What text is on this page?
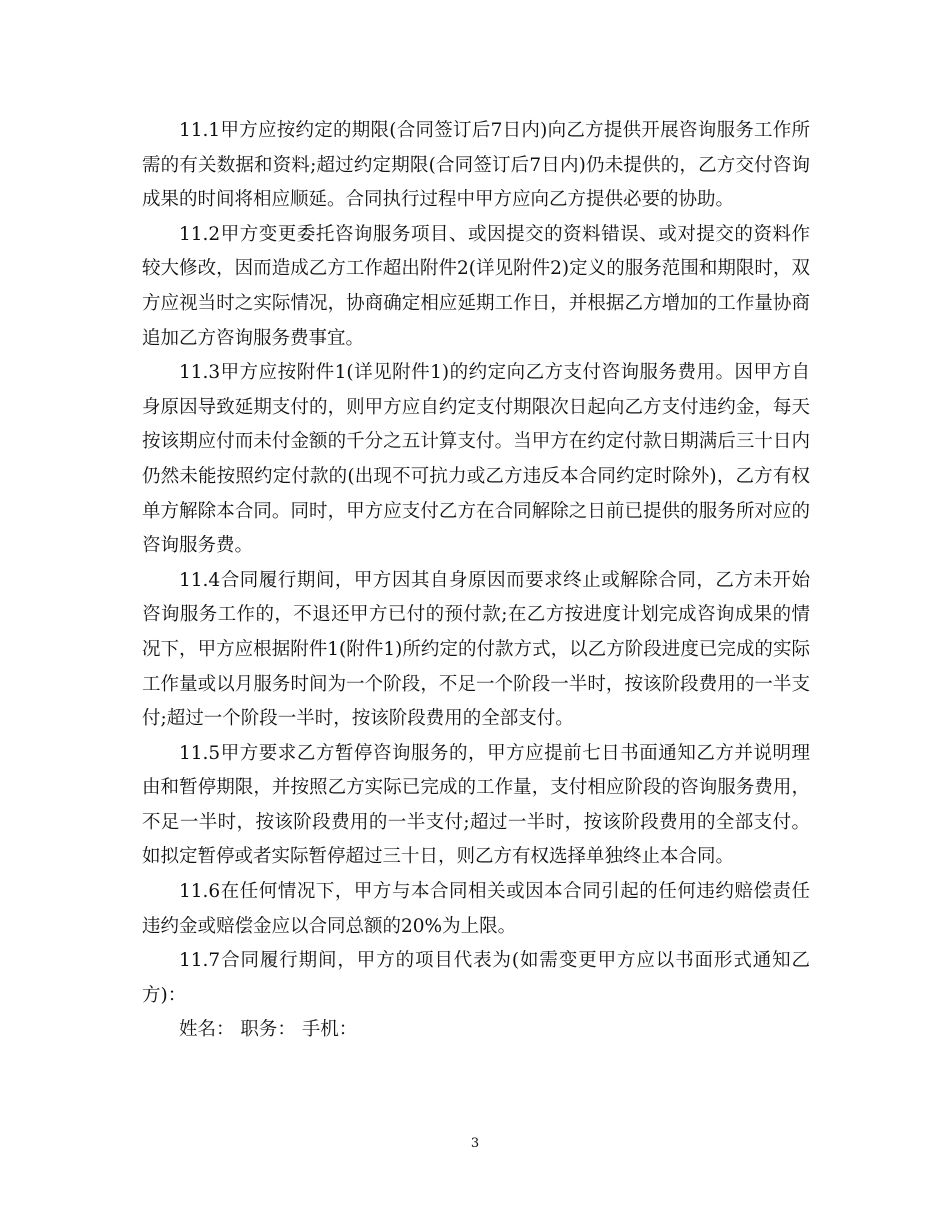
11.1甲方应按约定的期限(合同签订后7日内)向乙方提供开展咨询服务工作所需的有关数据和资料;超过约定期限(合同签订后7日内)仍未提供的，乙方交付咨询成果的时间将相应顺延。合同执行过程中甲方应向乙方提供必要的协助。

11.2甲方变更委托咨询服务项目、或因提交的资料错误、或对提交的资料作较大修改，因而造成乙方工作超出附件2(详见附件2)定义的服务范围和期限时，双方应视当时之实际情况，协商确定相应延期工作日，并根据乙方增加的工作量协商追加乙方咨询服务费事宜。

11.3甲方应按附件1(详见附件1)的约定向乙方支付咨询服务费用。因甲方自身原因导致延期支付的，则甲方应自约定支付期限次日起向乙方支付违约金，每天按该期应付而未付金额的千分之五计算支付。当甲方在约定付款日期满后三十日内仍然未能按照约定付款的(出现不可抗力或乙方违反本合同约定时除外)，乙方有权单方解除本合同。同时，甲方应支付乙方在合同解除之日前已提供的服务所对应的咨询服务费。

11.4合同履行期间，甲方因其自身原因而要求终止或解除合同，乙方未开始咨询服务工作的，不退还甲方已付的预付款;在乙方按进度计划完成咨询成果的情况下，甲方应根据附件1(附件1)所约定的付款方式，以乙方阶段进度已完成的实际工作量或以月服务时间为一个阶段，不足一个阶段一半时，按该阶段费用的一半支付;超过一个阶段一半时，按该阶段费用的全部支付。

11.5甲方要求乙方暂停咨询服务的，甲方应提前七日书面通知乙方并说明理由和暂停期限，并按照乙方实际已完成的工作量，支付相应阶段的咨询服务费用，不足一半时，按该阶段费用的一半支付;超过一半时，按该阶段费用的全部支付。如拟定暂停或者实际暂停超过三十日，则乙方有权选择单独终止本合同。

11.6在任何情况下，甲方与本合同相关或因本合同引起的任何违约赔偿责任违约金或赔偿金应以合同总额的20%为上限。

11.7合同履行期间，甲方的项目代表为(如需变更甲方应以书面形式通知乙方)：

姓名： 职务： 手机：

3
